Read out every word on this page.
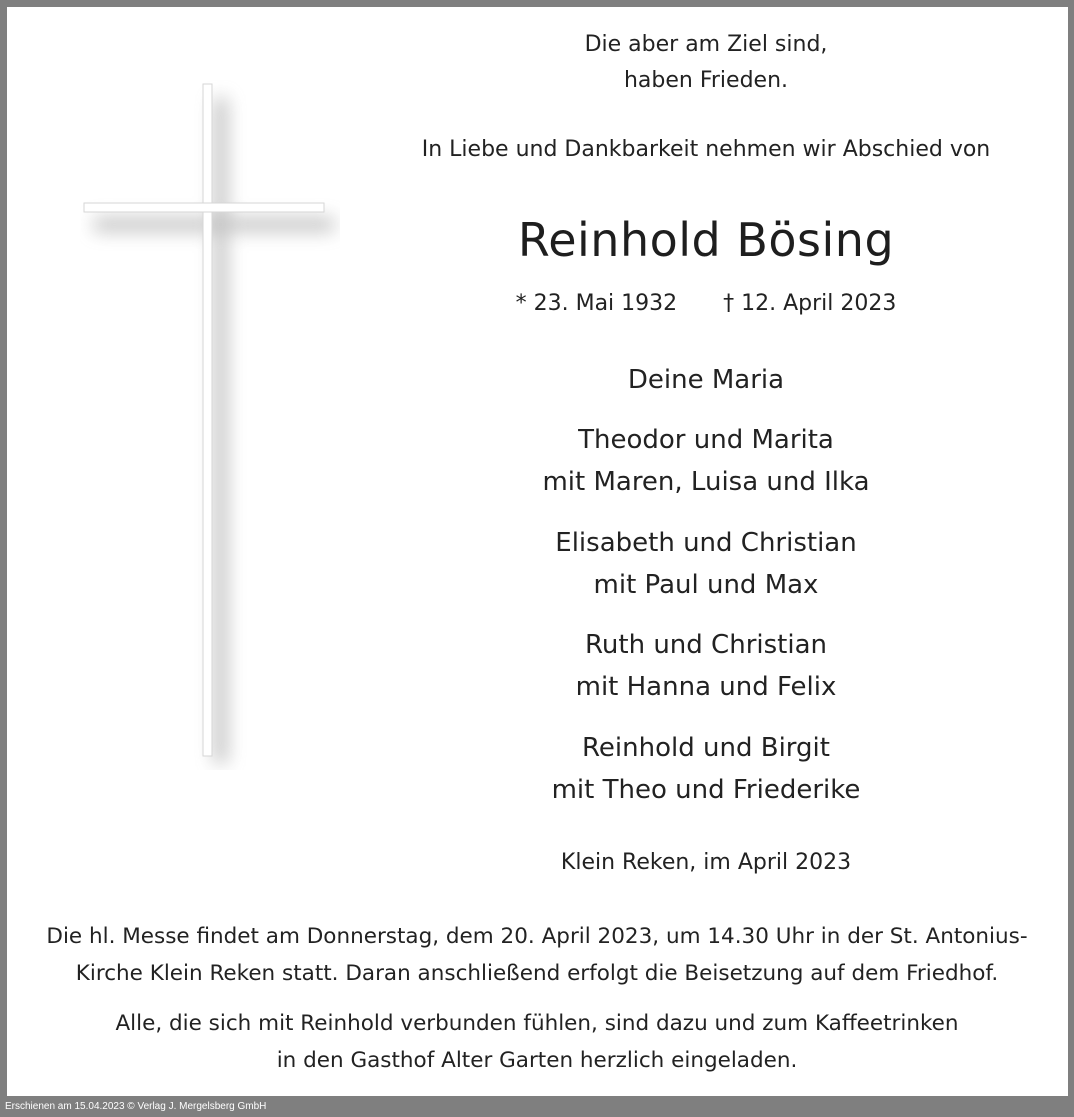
Die aber am Ziel sind,
haben Frieden.
In Liebe und Dankbarkeit nehmen wir Abschied von
Reinhold Bösing
* 23. Mai 1932 † 12. April 2023
Deine Maria
Theodor und Marita
mit Maren, Luisa und Ilka
Elisabeth und Christian
mit Paul und Max
Ruth und Christian
mit Hanna und Felix
Reinhold und Birgit
mit Theo und Friederike
Klein Reken, im April 2023
Die hl. Messe findet am Donnerstag, dem 20. April 2023, um 14.30 Uhr in der St. Antonius-
Kirche Klein Reken statt. Daran anschließend erfolgt die Beisetzung auf dem Friedhof.
Alle, die sich mit Reinhold verbunden fühlen, sind dazu und zum Kaffeetrinken
in den Gasthof Alter Garten herzlich eingeladen.
Erschienen am 15.04.2023 © Verlag J. Mergelsberg GmbH
